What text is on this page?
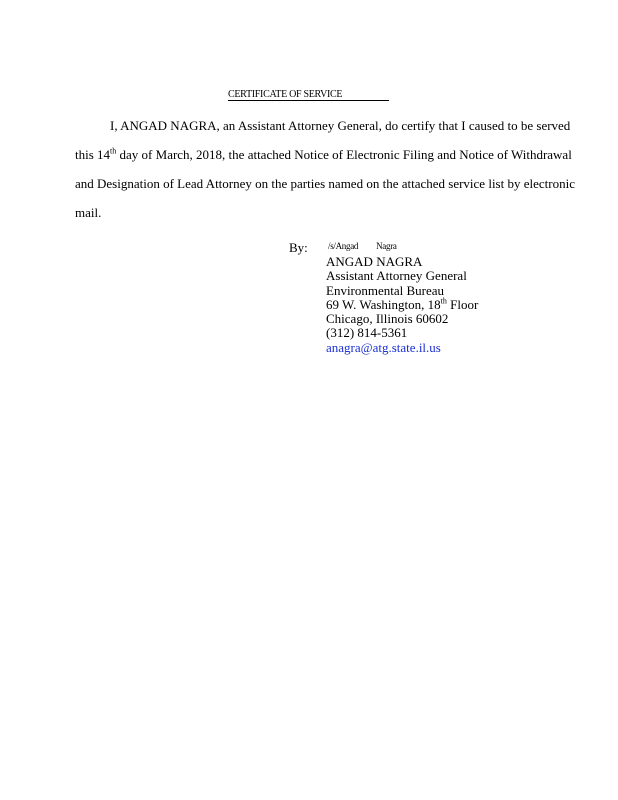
CERTIFICATE OF SERVICE

I, ANGAD NAGRA, an Assistant Attorney General, do certify that I caused to be served
this 14th day of March, 2018, the attached Notice of Electronic Filing and Notice of Withdrawal
and Designation of Lead Attorney on the parties named on the attached service list by electronic
mail.

By: /s/Angad Nagra
ANGAD NAGRA
Assistant Attorney General
Environmental Bureau
69 W. Washington, 18th Floor
Chicago, Illinois 60602
(312) 814-5361
anagra@atg.state.il.us
